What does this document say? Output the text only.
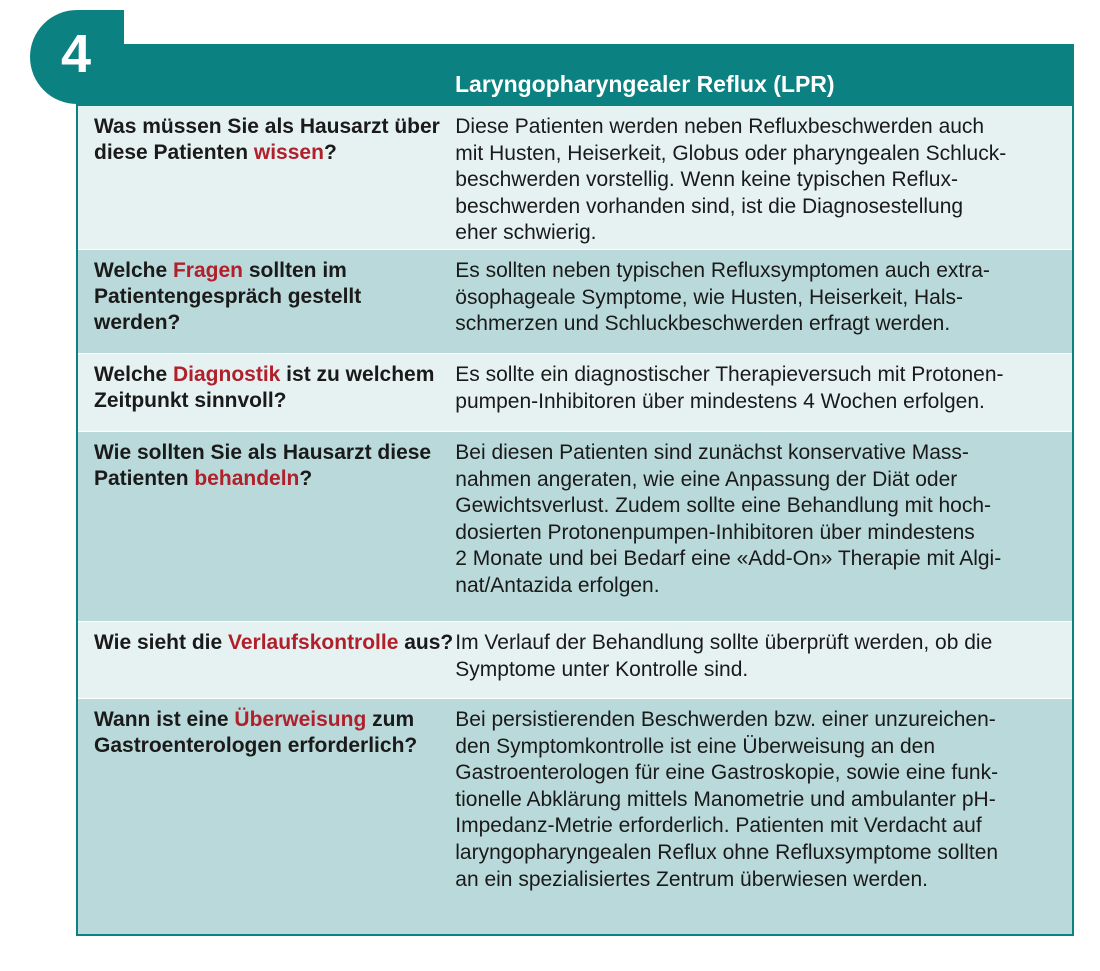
4	Laryngopharyngealer Reflux (LPR)
Was müssen Sie als Hausarzt über diese Patienten wissen?
Diese Patienten werden neben Refluxbeschwerden auch
mit Husten, Heiserkeit, Globus oder pharyngealen Schluck-
beschwerden vorstellig. Wenn keine typischen Reflux-
beschwerden vorhanden sind, ist die Diagnosestellung
eher schwierig.
Welche Fragen sollten im Patientengespräch gestellt werden?
Es sollten neben typischen Refluxsymptomen auch extra-
ösophageale Symptome, wie Husten, Heiserkeit, Hals-
schmerzen und Schluckbeschwerden erfragt werden.
Welche Diagnostik ist zu welchem Zeitpunkt sinnvoll?
Es sollte ein diagnostischer Therapieversuch mit Protonen-
pumpen-Inhibitoren über mindestens 4 Wochen erfolgen.
Wie sollten Sie als Hausarzt diese Patienten behandeln?
Bei diesen Patienten sind zunächst konservative Mass-
nahmen angeraten, wie eine Anpassung der Diät oder
Gewichtsverlust. Zudem sollte eine Behandlung mit hoch-
dosierten Protonenpumpen-Inhibitoren über mindestens
2 Monate und bei Bedarf eine «Add-On» Therapie mit Algi-
nat/Antazida erfolgen.
Wie sieht die Verlaufskontrolle aus? Im Verlauf der Behandlung sollte überprüft werden, ob die
Symptome unter Kontrolle sind.
Wann ist eine Überweisung zum Gastroenterologen erforderlich?
Bei persistierenden Beschwerden bzw. einer unzureichen-
den Symptomkontrolle ist eine Überweisung an den
Gastroenterologen für eine Gastroskopie, sowie eine funk-
tionelle Abklärung mittels Manometrie und ambulanter pH-
Impedanz-Metrie erforderlich. Patienten mit Verdacht auf
laryngopharyngealen Reflux ohne Refluxsymptome sollten
an ein spezialisiertes Zentrum überwiesen werden.
